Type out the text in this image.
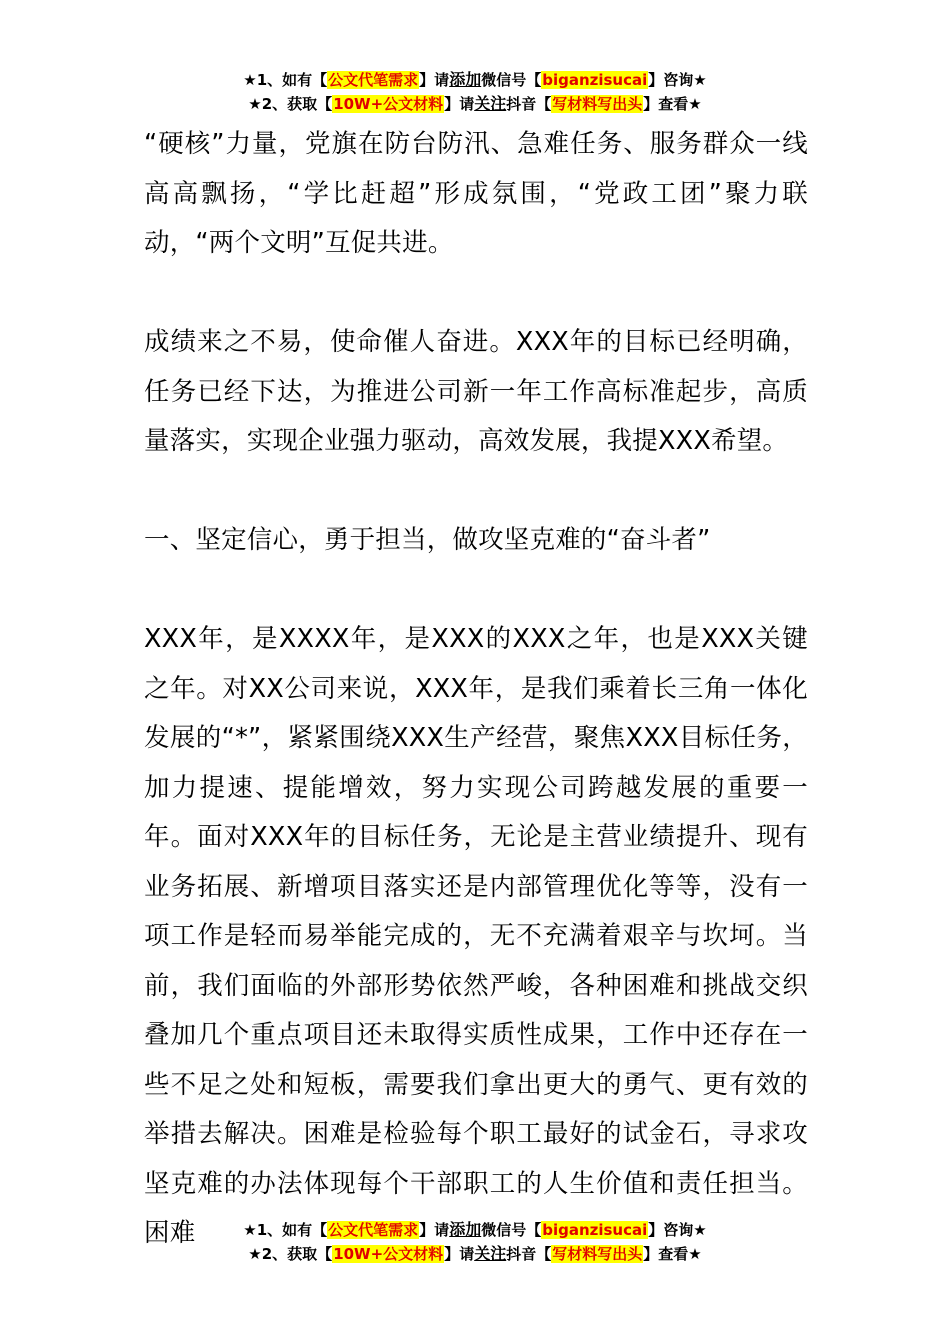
★1、如有【公文代笔需求】请添加微信号【biganzisucai】咨询★
★2、获取【10W+公文材料】请关注抖音【写材料写出头】查看★

“硬核”力量，党旗在防台防汛、急难任务、服务群众一线高高飘扬，“学比赶超”形成氛围，“党政工团”聚力联动，“两个文明”互促共进。

成绩来之不易，使命催人奋进。XXX年的目标已经明确，任务已经下达，为推进公司新一年工作高标准起步，高质量落实，实现企业强力驱动，高效发展，我提XXX希望。

一、坚定信心，勇于担当，做攻坚克难的“奋斗者”

XXX年，是XXXX年，是XXX的XXX之年，也是XXX关键之年。对XX公司来说，XXX年，是我们乘着长三角一体化发展的“*”，紧紧围绕XXX生产经营，聚焦XXX目标任务，加力提速、提能增效，努力实现公司跨越发展的重要一年。面对XXX年的目标任务，无论是主营业绩提升、现有业务拓展、新增项目落实还是内部管理优化等等，没有一项工作是轻而易举能完成的，无不充满着艰辛与坎坷。当前，我们面临的外部形势依然严峻，各种困难和挑战交织叠加几个重点项目还未取得实质性成果，工作中还存在一些不足之处和短板，需要我们拿出更大的勇气、更有效的举措去解决。困难是检验每个职工最好的试金石，寻求攻坚克难的办法体现每个干部职工的人生价值和责任担当。困难	★1、如有【公文代笔需求】请添加微信号【biganzisucai】咨询★
★2、获取【10W+公文材料】请关注抖音【写材料写出头】查看★
